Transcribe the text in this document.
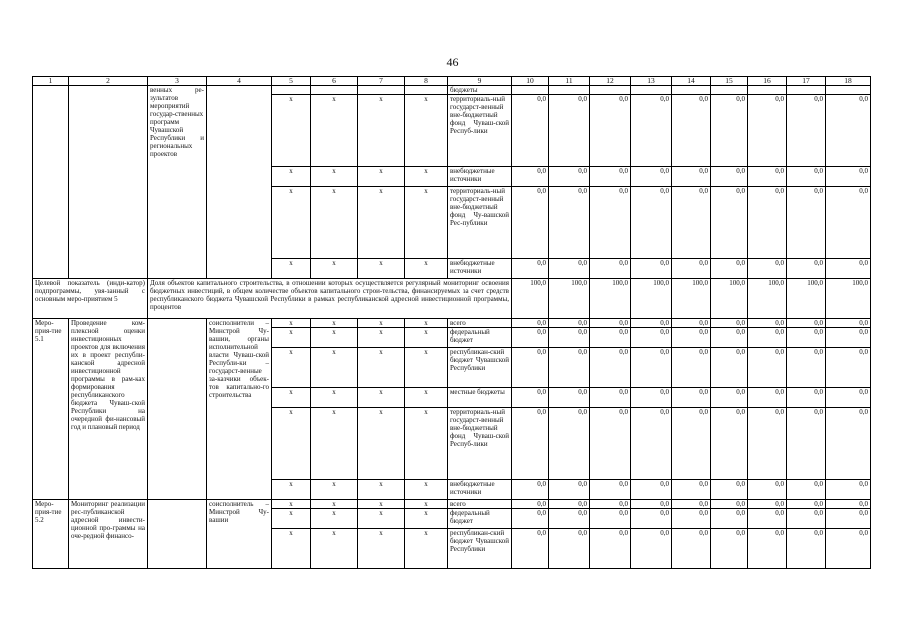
46
1	2	3	4	5	6	7	8	9	10	11	12	13	14	15	16	17	18
		венных ре-зультатов мероприятий государ-ственных программ Чувашской Республики и региональных проектов						бюджеты									
				x	x	x	x	территориаль-ный государст-венный вне-бюджетный фонд Чуваш-ской Респуб-лики	0,0	0,0	0,0	0,0	0,0	0,0	0,0	0,0	0,0
				x	x	x	x	внебюджетные источники	0,0	0,0	0,0	0,0	0,0	0,0	0,0	0,0	0,0
				x	x	x	x	территориаль-ный государст-венный вне-бюджетный фонд Чу-вашской Рес-публики	0,0	0,0	0,0	0,0	0,0	0,0	0,0	0,0	0,0
				x	x	x	x	внебюджетные источники	0,0	0,0	0,0	0,0	0,0	0,0	0,0	0,0	0,0
Целевой показатель (инди-катор) подпрограммы, увя-занный с основным меро-приятием 5		Доля объектов капитального строительства, в отношении которых осуществляется регулярный мониторинг освоения бюджетных инвестиций, в общем количестве объектов капитального строи-тельства, финансируемых за счет средств республиканского бюджета Чувашской Республики в рамках республиканской адресной инвестиционной программы, процентов							100,0	100,0	100,0	100,0	100,0	100,0	100,0	100,0	100,0
Меро-прия-тие 5.1	Проведение ком-плексной оценки инвестиционных проектов для включения их в проект республи-канской адресной инвестиционной программы в рам-ках формирования республиканского бюджета Чуваш-ской Республики на очередной фи-нансовый год и плановый период		соисполнители – Минстрой Чу-вашии, органы исполнительной власти Чуваш-ской Республи-ки – государст-венные за-казчики объек-тов капитально-го строительства	x	x	x	x	всего	0,0	0,0	0,0	0,0	0,0	0,0	0,0	0,0	0,0
				x	x	x	x	федеральный бюджет	0,0	0,0	0,0	0,0	0,0	0,0	0,0	0,0	0,0
				x	x	x	x	республикан-ский бюджет Чувашской Республики	0,0	0,0	0,0	0,0	0,0	0,0	0,0	0,0	0,0
				x	x	x	x	местные бюджеты	0,0	0,0	0,0	0,0	0,0	0,0	0,0	0,0	0,0
				x	x	x	x	территориаль-ный государст-венный вне-бюджетный фонд Чуваш-ской Респуб-лики	0,0	0,0	0,0	0,0	0,0	0,0	0,0	0,0	0,0
				x	x	x	x	внебюджетные источники	0,0	0,0	0,0	0,0	0,0	0,0	0,0	0,0	0,0
Меро-прия-тие 5.2	Мониторинг реализации рес-публиканской адресной инвести-ционной про-граммы на оче-редной финансо-		соисполнитель – Минстрой Чу-вашии	x	x	x	x	всего	0,0	0,0	0,0	0,0	0,0	0,0	0,0	0,0	0,0
				x	x	x	x	федеральный бюджет	0,0	0,0	0,0	0,0	0,0	0,0	0,0	0,0	0,0
				x	x	x	x	республикан-ский бюджет Чувашской Республики	0,0	0,0	0,0	0,0	0,0	0,0	0,0	0,0	0,0
